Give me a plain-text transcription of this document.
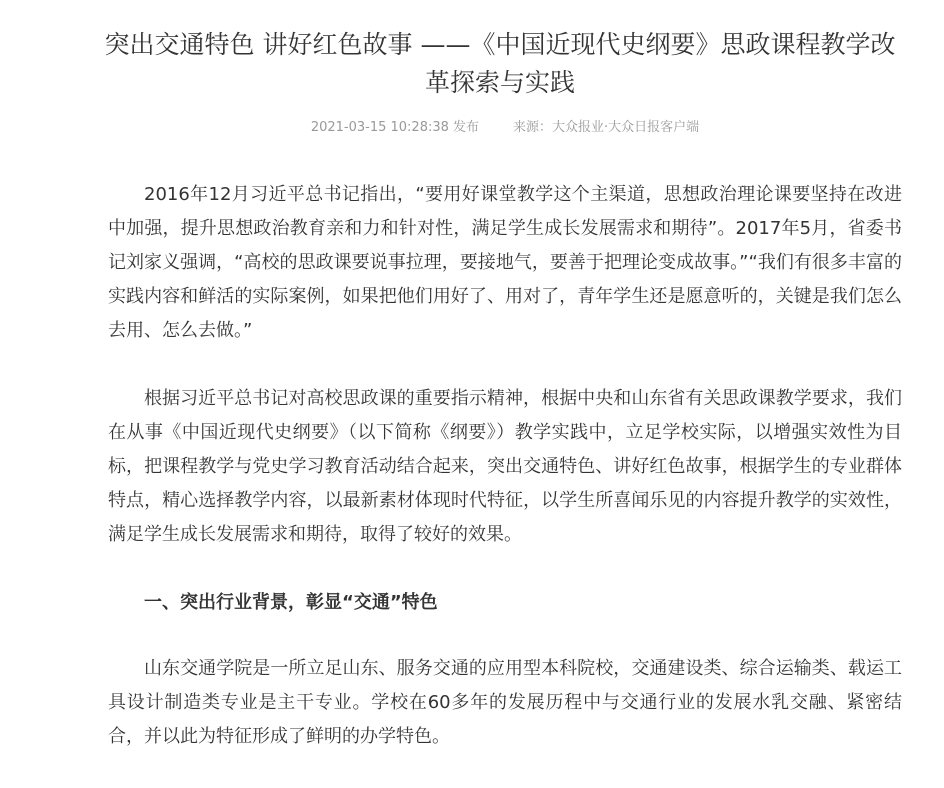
突出交通特色 讲好红色故事 ——《中国近现代史纲要》思政课程教学改革探索与实践
2021-03-15 10:28:38 发布	来源：大众报业·大众日报客户端

2016年12月习近平总书记指出，“要用好课堂教学这个主渠道，思想政治理论课要坚持在改进中加强，提升思想政治教育亲和力和针对性，满足学生成长发展需求和期待”。2017年5月，省委书记刘家义强调，“高校的思政课要说事拉理，要接地气，要善于把理论变成故事。”“我们有很多丰富的实践内容和鲜活的实际案例，如果把他们用好了、用对了，青年学生还是愿意听的，关键是我们怎么去用、怎么去做。”

根据习近平总书记对高校思政课的重要指示精神，根据中央和山东省有关思政课教学要求，我们在从事《中国近现代史纲要》（以下简称《纲要》）教学实践中，立足学校实际，以增强实效性为目标，把课程教学与党史学习教育活动结合起来，突出交通特色、讲好红色故事，根据学生的专业群体特点，精心选择教学内容，以最新素材体现时代特征，以学生所喜闻乐见的内容提升教学的实效性，满足学生成长发展需求和期待，取得了较好的效果。

一、突出行业背景，彰显“交通”特色

山东交通学院是一所立足山东、服务交通的应用型本科院校，交通建设类、综合运输类、载运工具设计制造类专业是主干专业。学校在60多年的发展历程中与交通行业的发展水乳交融、紧密结合，并以此为特征形成了鲜明的办学特色。
